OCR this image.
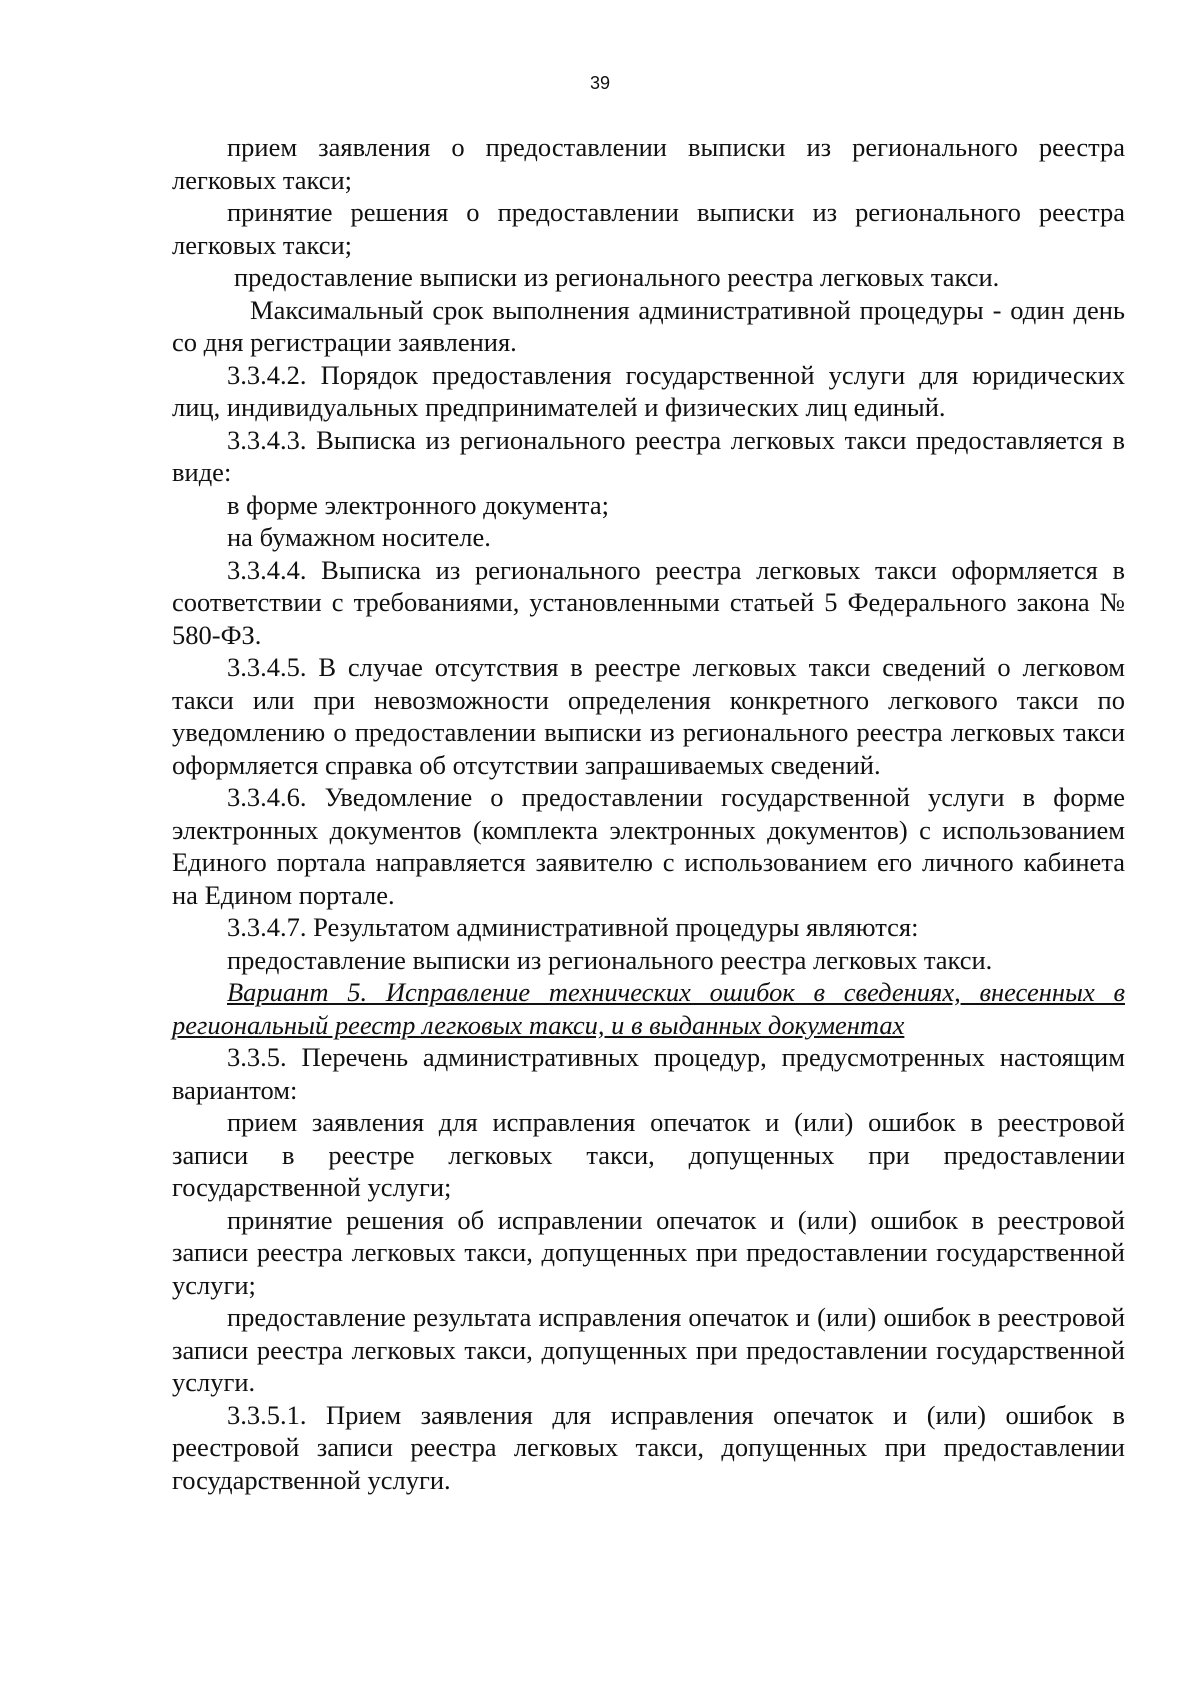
39

прием заявления о предоставлении выписки из регионального реестра легковых такси;

принятие решения о предоставлении выписки из регионального реестра легковых такси;

предоставление выписки из регионального реестра легковых такси.

Максимальный срок выполнения административной процедуры - один день со дня регистрации заявления.

3.3.4.2. Порядок предоставления государственной услуги для юридических лиц, индивидуальных предпринимателей и физических лиц единый.

3.3.4.3. Выписка из регионального реестра легковых такси предоставляется в виде:

в форме электронного документа;

на бумажном носителе.

3.3.4.4. Выписка из регионального реестра легковых такси оформляется в соответствии с требованиями, установленными статьей 5 Федерального закона № 580-ФЗ.

3.3.4.5. В случае отсутствия в реестре легковых такси сведений о легковом такси или при невозможности определения конкретного легкового такси по уведомлению о предоставлении выписки из регионального реестра легковых такси оформляется справка об отсутствии запрашиваемых сведений.

3.3.4.6. Уведомление о предоставлении государственной услуги в форме электронных документов (комплекта электронных документов) с использованием Единого портала направляется заявителю с использованием его личного кабинета на Едином портале.

3.3.4.7. Результатом административной процедуры являются:

предоставление выписки из регионального реестра легковых такси.

Вариант 5. Исправление технических ошибок в сведениях, внесенных в региональный реестр легковых такси, и в выданных документах

3.3.5. Перечень административных процедур, предусмотренных настоящим вариантом:

прием заявления для исправления опечаток и (или) ошибок в реестровой записи в реестре легковых такси, допущенных при предоставлении государственной услуги;

принятие решения об исправлении опечаток и (или) ошибок в реестровой записи реестра легковых такси, допущенных при предоставлении государственной услуги;

предоставление результата исправления опечаток и (или) ошибок в реестровой записи реестра легковых такси, допущенных при предоставлении государственной услуги.

3.3.5.1. Прием заявления для исправления опечаток и (или) ошибок в реестровой записи реестра легковых такси, допущенных при предоставлении государственной услуги.
